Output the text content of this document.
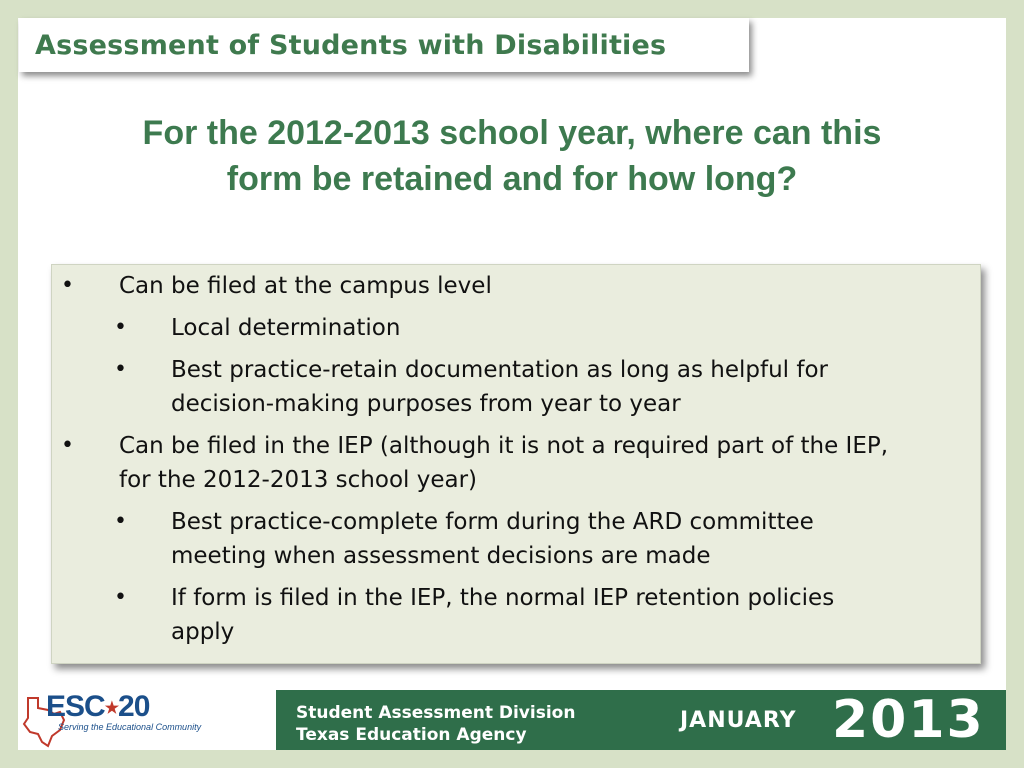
Assessment of Students with Disabilities
For the 2012-2013 school year, where can this
form be retained and for how long?
• Can be filed at the campus level
• Local determination
• Best practice-retain documentation as long as helpful for
decision-making purposes from year to year
• Can be filed in the IEP (although it is not a required part of the IEP,
for the 2012-2013 school year)
• Best practice-complete form during the ARD committee
meeting when assessment decisions are made
• If form is filed in the IEP, the normal IEP retention policies
apply
ESC★20
Serving the Educational Community
Student Assessment Division
Texas Education Agency
JANUARY 2013
